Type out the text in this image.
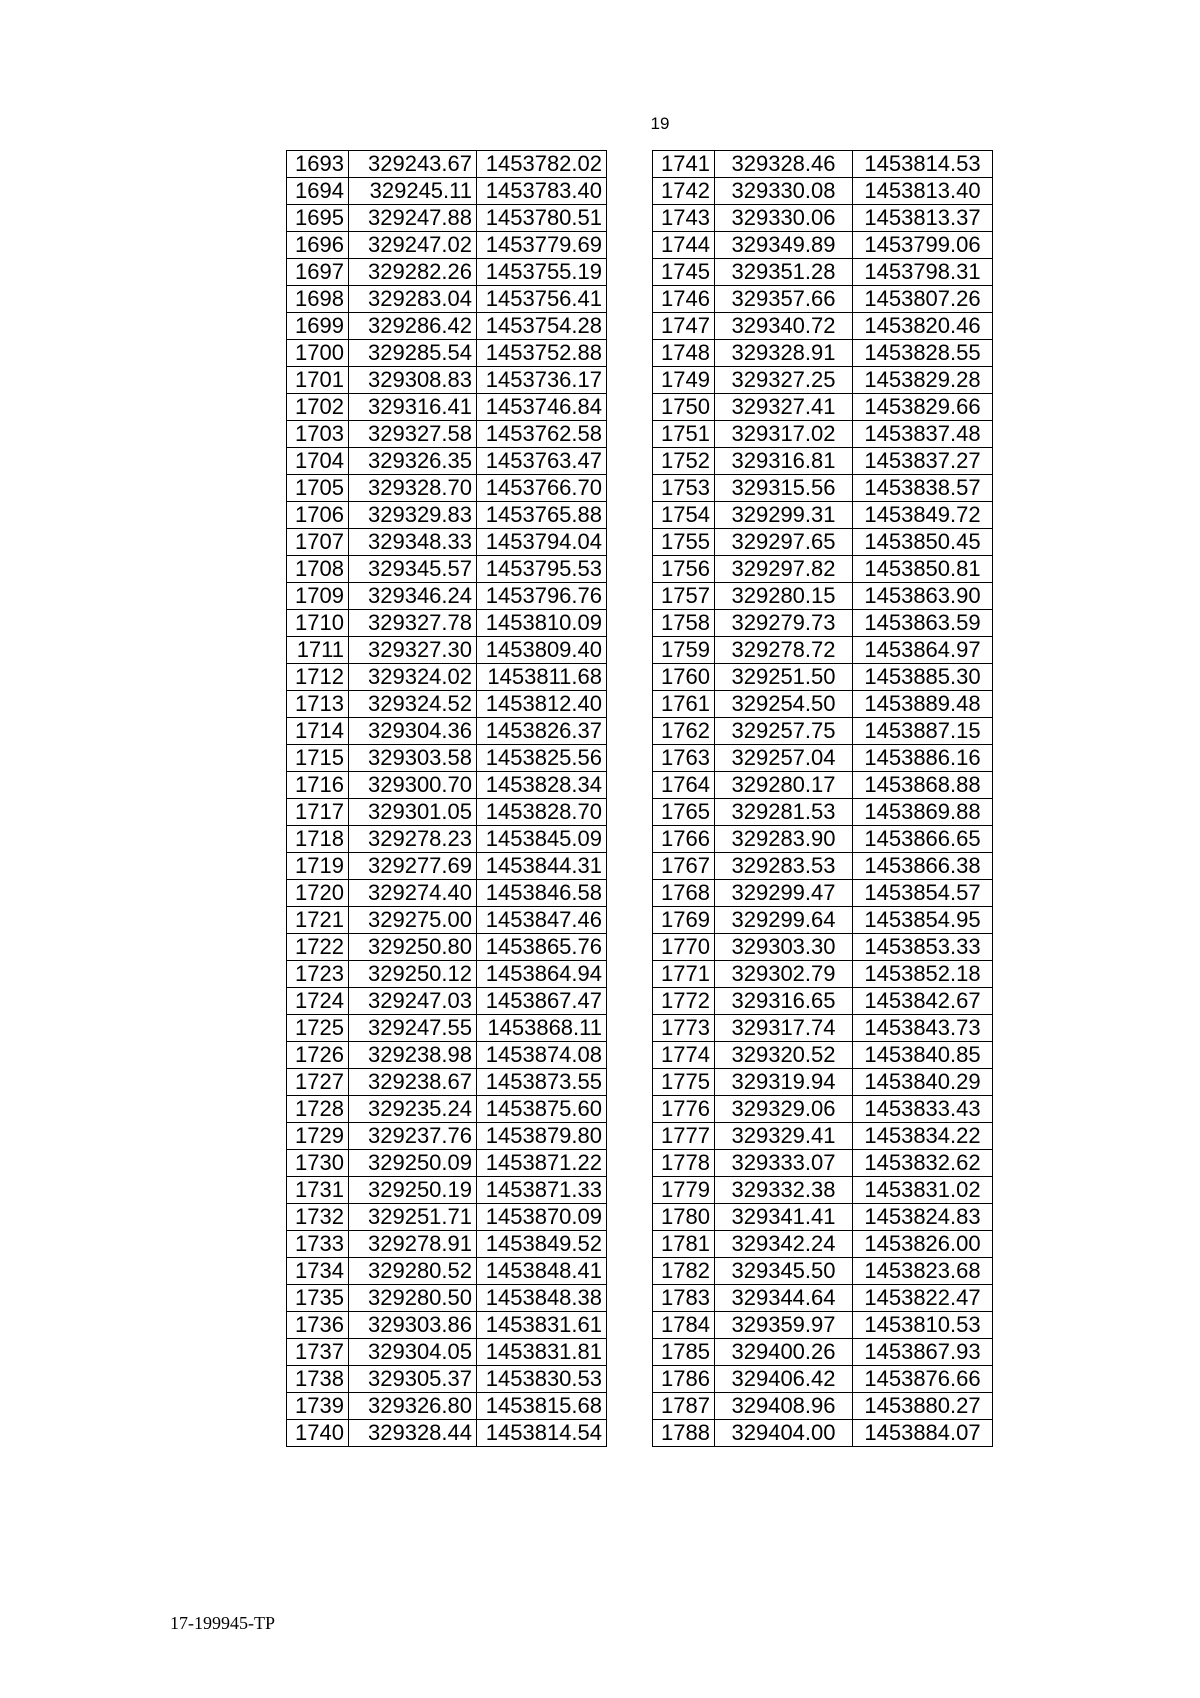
19
1693	329243.67	1453782.02
1694	329245.11	1453783.40
1695	329247.88	1453780.51
1696	329247.02	1453779.69
1697	329282.26	1453755.19
1698	329283.04	1453756.41
1699	329286.42	1453754.28
1700	329285.54	1453752.88
1701	329308.83	1453736.17
1702	329316.41	1453746.84
1703	329327.58	1453762.58
1704	329326.35	1453763.47
1705	329328.70	1453766.70
1706	329329.83	1453765.88
1707	329348.33	1453794.04
1708	329345.57	1453795.53
1709	329346.24	1453796.76
1710	329327.78	1453810.09
1711	329327.30	1453809.40
1712	329324.02	1453811.68
1713	329324.52	1453812.40
1714	329304.36	1453826.37
1715	329303.58	1453825.56
1716	329300.70	1453828.34
1717	329301.05	1453828.70
1718	329278.23	1453845.09
1719	329277.69	1453844.31
1720	329274.40	1453846.58
1721	329275.00	1453847.46
1722	329250.80	1453865.76
1723	329250.12	1453864.94
1724	329247.03	1453867.47
1725	329247.55	1453868.11
1726	329238.98	1453874.08
1727	329238.67	1453873.55
1728	329235.24	1453875.60
1729	329237.76	1453879.80
1730	329250.09	1453871.22
1731	329250.19	1453871.33
1732	329251.71	1453870.09
1733	329278.91	1453849.52
1734	329280.52	1453848.41
1735	329280.50	1453848.38
1736	329303.86	1453831.61
1737	329304.05	1453831.81
1738	329305.37	1453830.53
1739	329326.80	1453815.68
1740	329328.44	1453814.54
1741	329328.46	1453814.53
1742	329330.08	1453813.40
1743	329330.06	1453813.37
1744	329349.89	1453799.06
1745	329351.28	1453798.31
1746	329357.66	1453807.26
1747	329340.72	1453820.46
1748	329328.91	1453828.55
1749	329327.25	1453829.28
1750	329327.41	1453829.66
1751	329317.02	1453837.48
1752	329316.81	1453837.27
1753	329315.56	1453838.57
1754	329299.31	1453849.72
1755	329297.65	1453850.45
1756	329297.82	1453850.81
1757	329280.15	1453863.90
1758	329279.73	1453863.59
1759	329278.72	1453864.97
1760	329251.50	1453885.30
1761	329254.50	1453889.48
1762	329257.75	1453887.15
1763	329257.04	1453886.16
1764	329280.17	1453868.88
1765	329281.53	1453869.88
1766	329283.90	1453866.65
1767	329283.53	1453866.38
1768	329299.47	1453854.57
1769	329299.64	1453854.95
1770	329303.30	1453853.33
1771	329302.79	1453852.18
1772	329316.65	1453842.67
1773	329317.74	1453843.73
1774	329320.52	1453840.85
1775	329319.94	1453840.29
1776	329329.06	1453833.43
1777	329329.41	1453834.22
1778	329333.07	1453832.62
1779	329332.38	1453831.02
1780	329341.41	1453824.83
1781	329342.24	1453826.00
1782	329345.50	1453823.68
1783	329344.64	1453822.47
1784	329359.97	1453810.53
1785	329400.26	1453867.93
1786	329406.42	1453876.66
1787	329408.96	1453880.27
1788	329404.00	1453884.07
17-199945-TP
